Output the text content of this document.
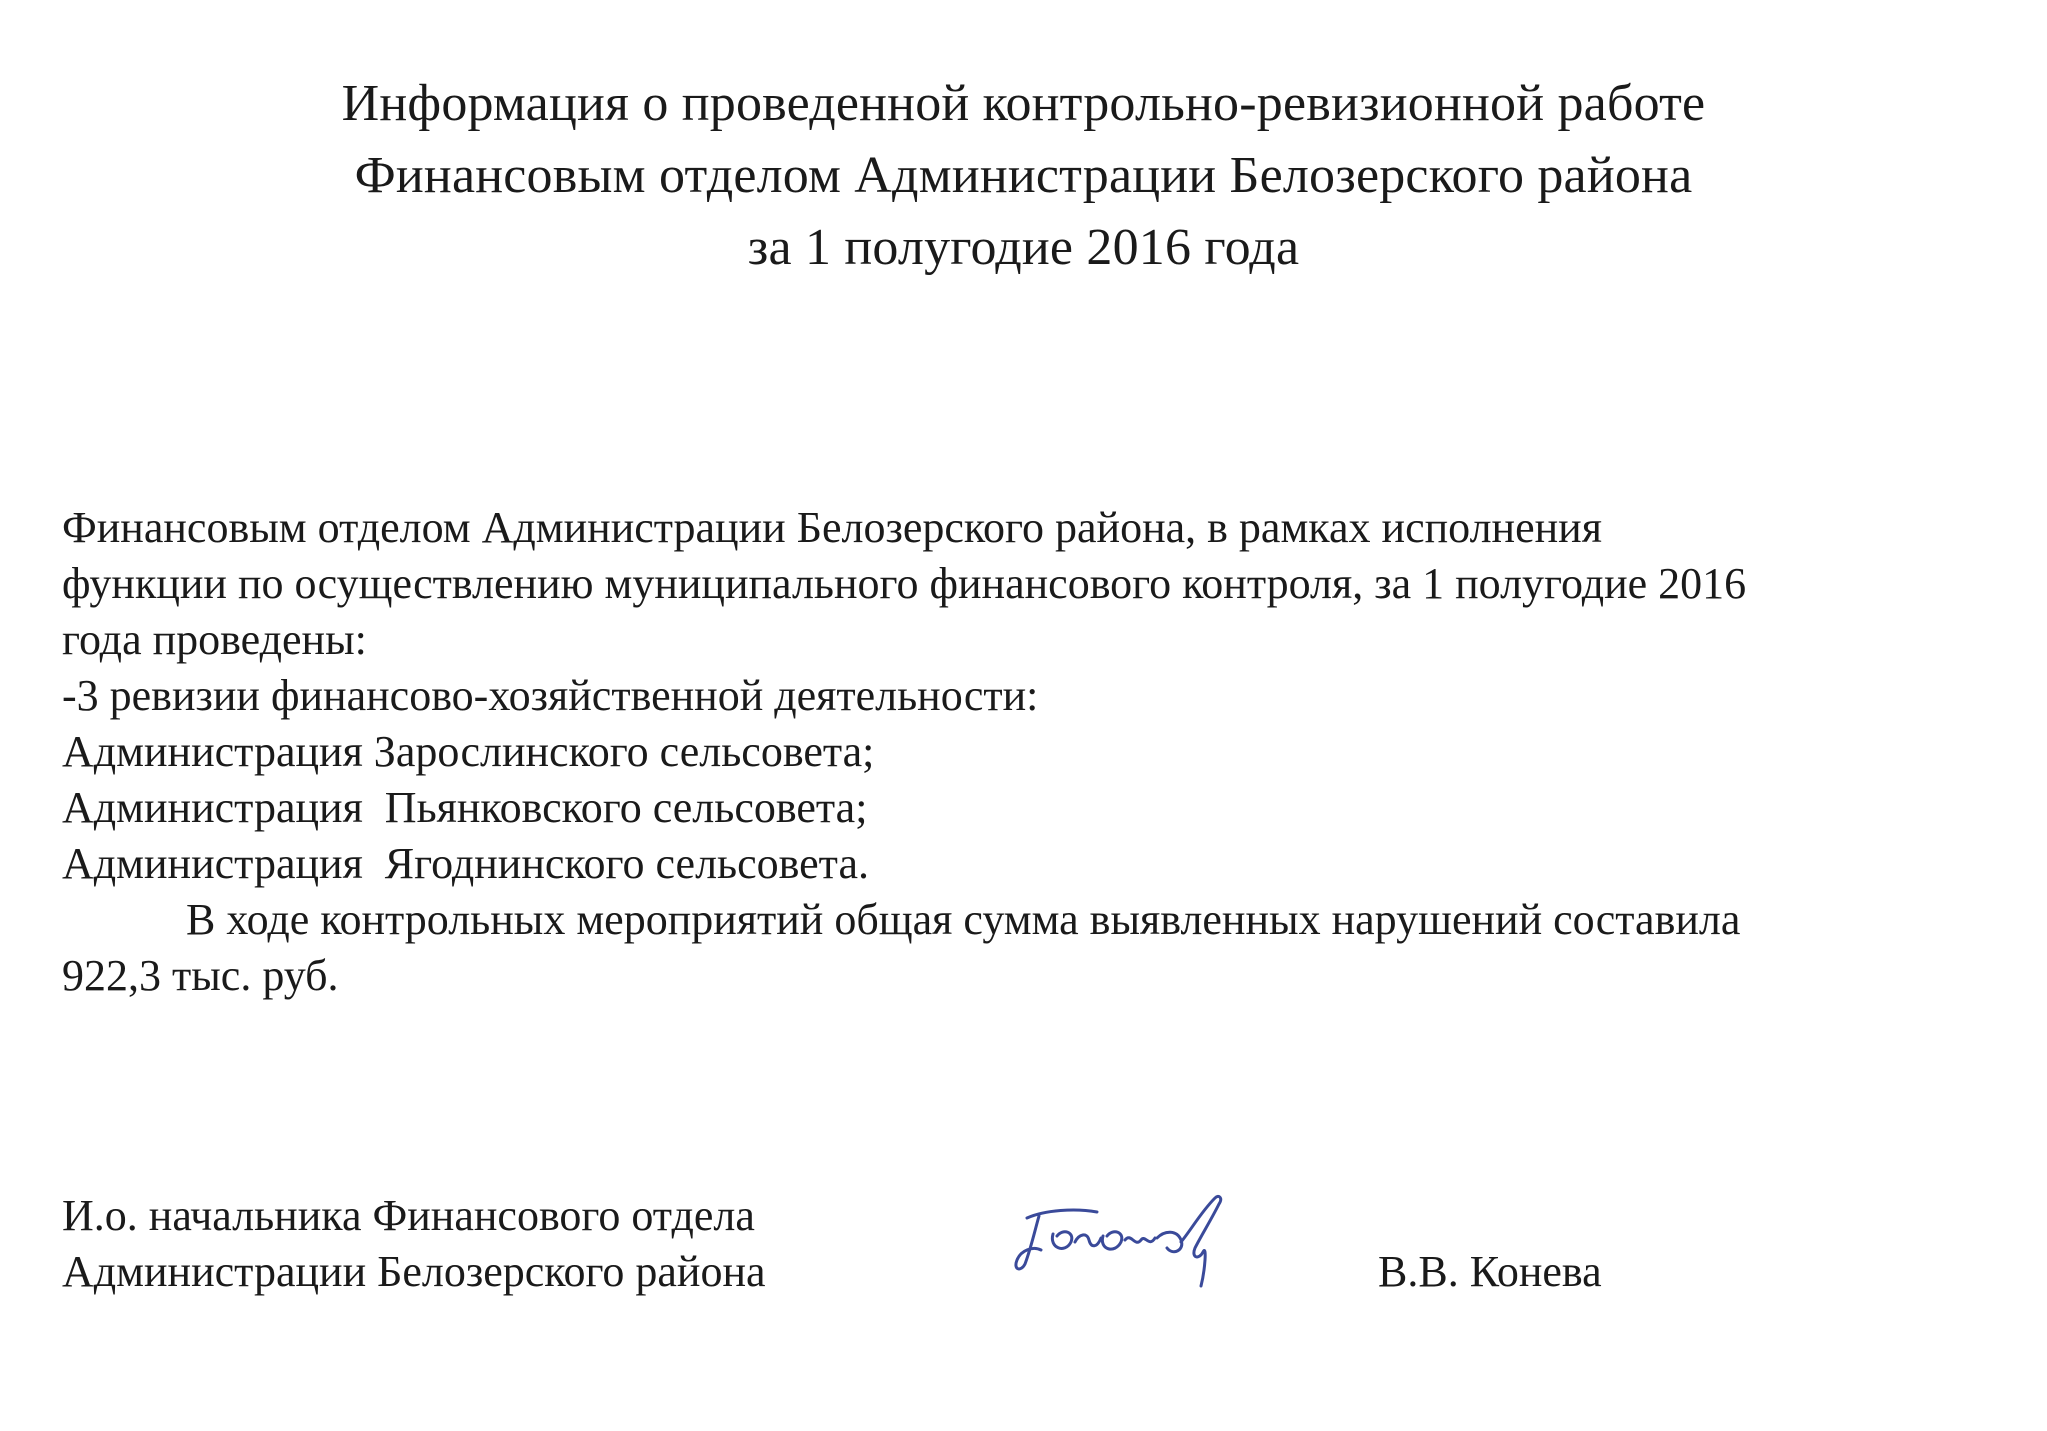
Информация о проведенной контрольно-ревизионной работе
Финансовым отделом Администрации Белозерского района
за 1 полугодие 2016 года
Финансовым отделом Администрации Белозерского района, в рамках исполнения
функции по осуществлению муниципального финансового контроля, за 1 полугодие 2016
года проведены:
-3 ревизии финансово-хозяйственной деятельности:
Администрация Зарослинского сельсовета;
Администрация  Пьянковского сельсовета;
Администрация  Ягоднинского сельсовета.
В ходе контрольных мероприятий общая сумма выявленных нарушений составила
922,3 тыс. руб.
И.о. начальника Финансового отдела
Администрации Белозерского района	В.В. Конева
